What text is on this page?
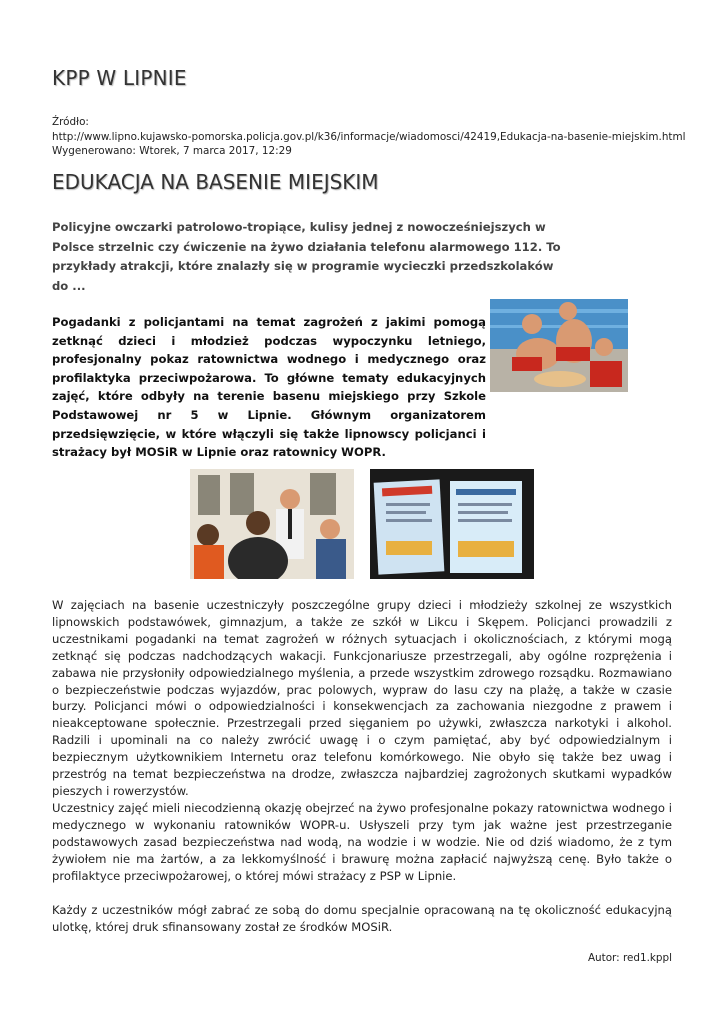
KPP W LIPNIE
Źródło:
http://www.lipno.kujawsko-pomorska.policja.gov.pl/k36/informacje/wiadomosci/42419,Edukacja-na-basenie-miejskim.html
Wygenerowano: Wtorek, 7 marca 2017, 12:29
EDUKACJA NA BASENIE MIEJSKIM
Policyjne owczarki patrolowo-tropiące, kulisy jednej z nowocześniejszych w Polsce strzelnic czy ćwiczenie na żywo działania telefonu alarmowego 112. To przykłady atrakcji, które znalazły się w programie wycieczki przedszkolaków do ...
Pogadanki z policjantami na temat zagrożeń z jakimi pomogą zetknąć dzieci i młodzież podczas wypoczynku letniego, profesjonalny pokaz ratownictwa wodnego i medycznego oraz profilaktyka przeciwpożarowa. To główne tematy edukacyjnych zajęć, które odbyły na terenie basenu miejskiego przy Szkole Podstawowej nr 5 w Lipnie. Głównym organizatorem przedsięwzięcie, w które włączyli się także lipnowscy policjanci i strażacy był MOSiR w Lipnie oraz ratownicy WOPR.

W zajęciach na basenie uczestniczyły poszczególne grupy dzieci i młodzieży szkolnej ze wszystkich lipnowskich podstawówek, gimnazjum, a także ze szkół w Likcu i Skępem. Policjanci prowadzili z uczestnikami pogadanki na temat zagrożeń w różnych sytuacjach i okolicznościach, z którymi mogą zetknąć się podczas nadchodzących wakacji. Funkcjonariusze przestrzegali, aby ogólne rozprężenia i zabawa nie przysłoniły odpowiedzialnego myślenia, a przede wszystkim zdrowego rozsądku. Rozmawiano o bezpieczeństwie podczas wyjazdów, prac polowych, wypraw do lasu czy na plażę, a także w czasie burzy. Policjanci mówi o odpowiedzialności i konsekwencjach za zachowania niezgodne z prawem i nieakceptowane społecznie. Przestrzegali przed sięganiem po używki, zwłaszcza narkotyki i alkohol. Radzili i upominali na co należy zwrócić uwagę i o czym pamiętać, aby być odpowiedzialnym i bezpiecznym użytkownikiem Internetu oraz telefonu komórkowego. Nie obyło się także bez uwag i przestróg na temat bezpieczeństwa na drodze, zwłaszcza najbardziej zagrożonych skutkami wypadków pieszych i rowerzystów.

Uczestnicy zajęć mieli niecodzienną okazję obejrzeć na żywo profesjonalne pokazy ratownictwa wodnego i medycznego w wykonaniu ratowników WOPR-u. Usłyszeli przy tym jak ważne jest przestrzeganie podstawowych zasad bezpieczeństwa nad wodą, na wodzie i w wodzie. Nie od dziś wiadomo, że z tym żywiołem nie ma żartów, a za lekkomyślność i brawurę można zapłacić najwyższą cenę. Było także o profilaktyce przeciwpożarowej, o której mówi strażacy z PSP w Lipnie.

Każdy z uczestników mógł zabrać ze sobą do domu specjalnie opracowaną na tę okoliczność edukacyjną ulotkę, której druk sfinansowany został ze środków MOSiR.

Autor: red1.kppl
